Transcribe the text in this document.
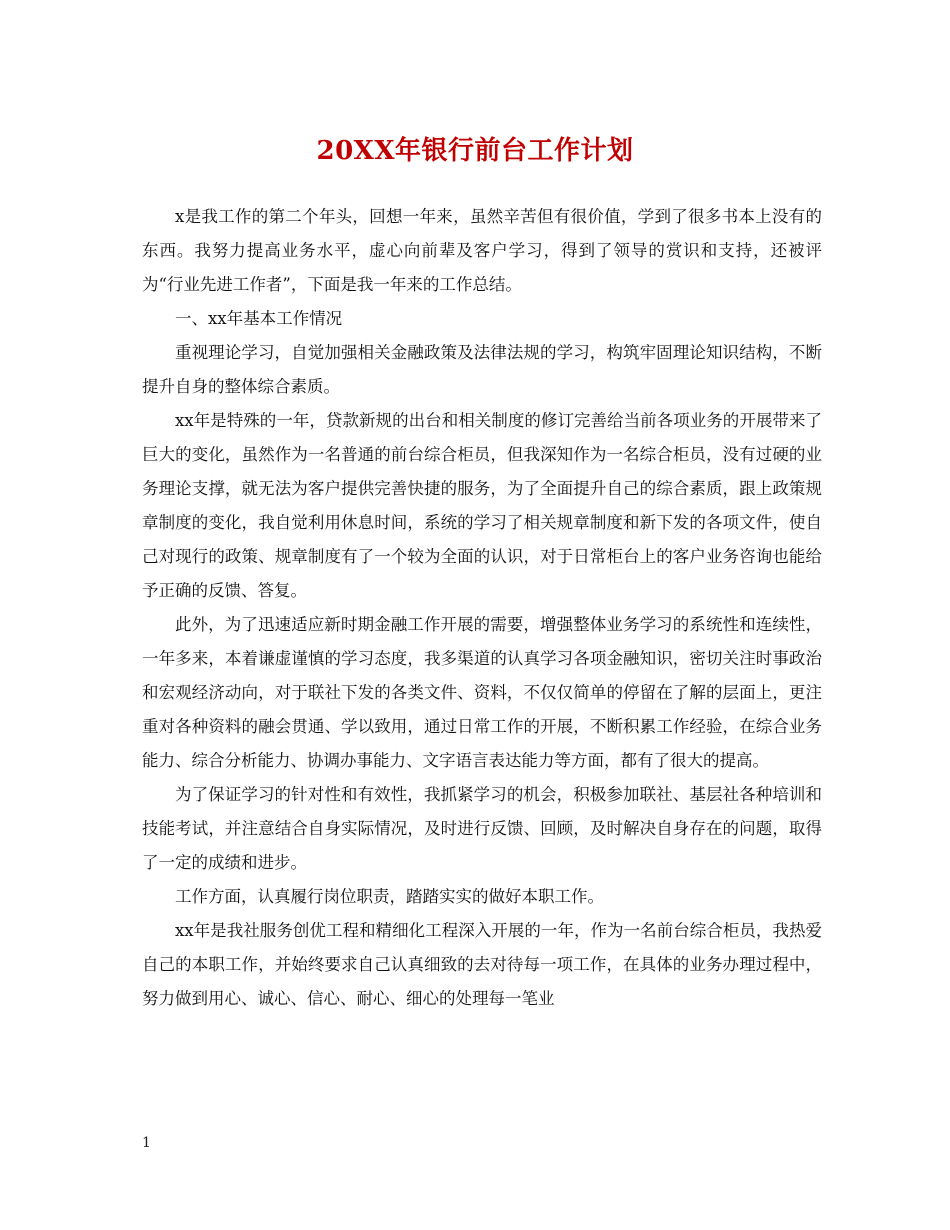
20XX年银行前台工作计划

x是我工作的第二个年头，回想一年来，虽然辛苦但有很价值，学到了很多书本上没有的东西。我努力提高业务水平，虚心向前辈及客户学习，得到了领导的赏识和支持，还被评为“行业先进工作者”，下面是我一年来的工作总结。

一、xx年基本工作情况

重视理论学习，自觉加强相关金融政策及法律法规的学习，构筑牢固理论知识结构，不断提升自身的整体综合素质。

xx年是特殊的一年，贷款新规的出台和相关制度的修订完善给当前各项业务的开展带来了巨大的变化，虽然作为一名普通的前台综合柜员，但我深知作为一名综合柜员，没有过硬的业务理论支撑，就无法为客户提供完善快捷的服务，为了全面提升自己的综合素质，跟上政策规章制度的变化，我自觉利用休息时间，系统的学习了相关规章制度和新下发的各项文件，使自己对现行的政策、规章制度有了一个较为全面的认识，对于日常柜台上的客户业务咨询也能给予正确的反馈、答复。

此外，为了迅速适应新时期金融工作开展的需要，增强整体业务学习的系统性和连续性，一年多来，本着谦虚谨慎的学习态度，我多渠道的认真学习各项金融知识，密切关注时事政治和宏观经济动向，对于联社下发的各类文件、资料，不仅仅简单的停留在了解的层面上，更注重对各种资料的融会贯通、学以致用，通过日常工作的开展，不断积累工作经验，在综合业务能力、综合分析能力、协调办事能力、文字语言表达能力等方面，都有了很大的提高。

为了保证学习的针对性和有效性，我抓紧学习的机会，积极参加联社、基层社各种培训和技能考试，并注意结合自身实际情况，及时进行反馈、回顾，及时解决自身存在的问题，取得了一定的成绩和进步。

工作方面，认真履行岗位职责，踏踏实实的做好本职工作。

xx年是我社服务创优工程和精细化工程深入开展的一年，作为一名前台综合柜员，我热爱自己的本职工作，并始终要求自己认真细致的去对待每一项工作，在具体的业务办理过程中，努力做到用心、诚心、信心、耐心、细心的处理每一笔业

1
